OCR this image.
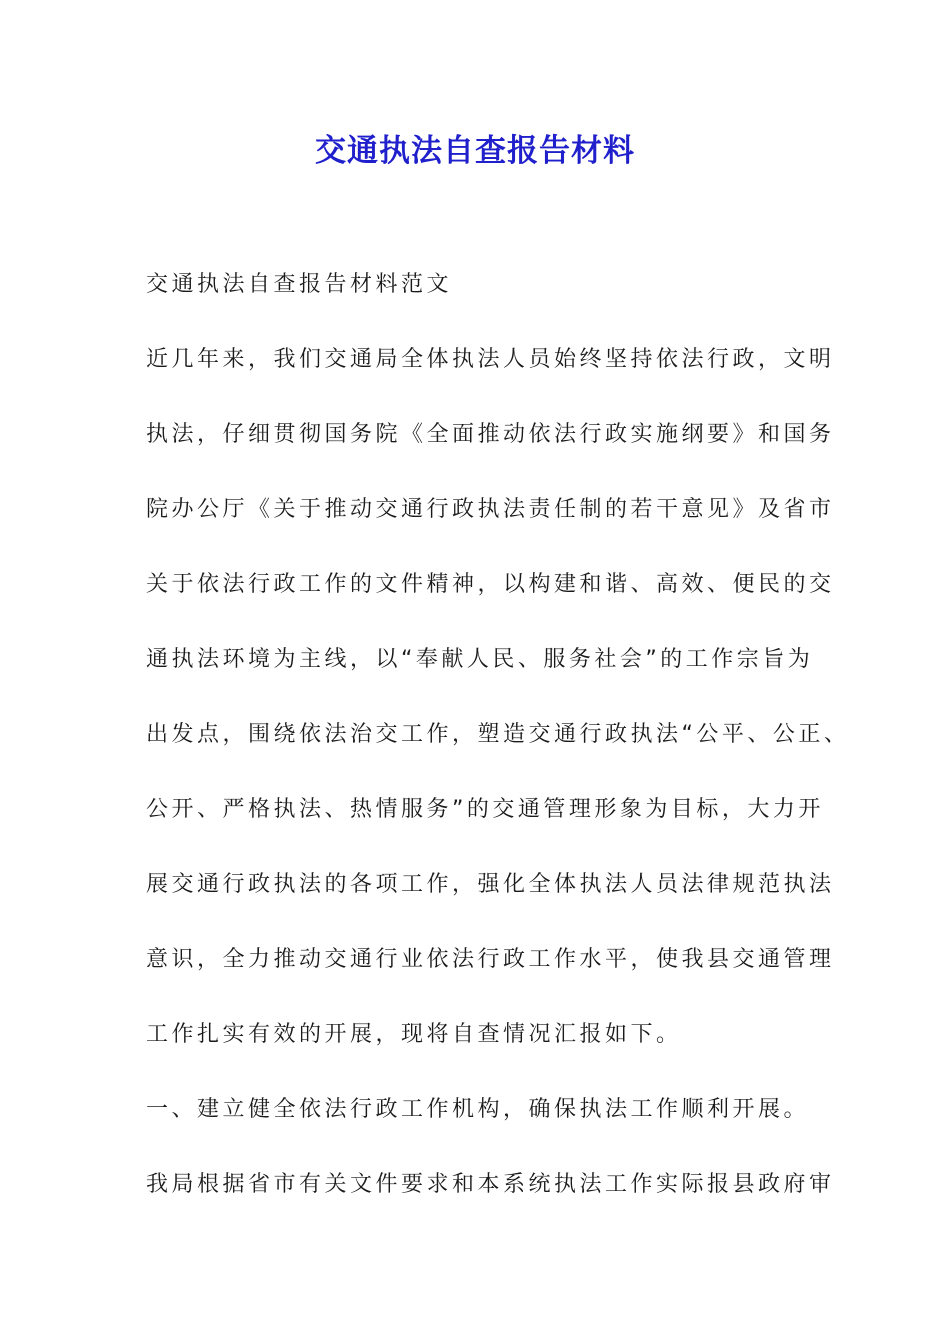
交通执法自查报告材料
交通执法自查报告材料范文
近几年来，我们交通局全体执法人员始终坚持依法行政，文明
执法，仔细贯彻国务院《全面推动依法行政实施纲要》和国务
院办公厅《关于推动交通行政执法责任制的若干意见》及省市
关于依法行政工作的文件精神，以构建和谐、高效、便民的交
通执法环境为主线，以“奉献人民、服务社会”的工作宗旨为
出发点，围绕依法治交工作，塑造交通行政执法“公平、公正、
公开、严格执法、热情服务”的交通管理形象为目标，大力开
展交通行政执法的各项工作，强化全体执法人员法律规范执法
意识，全力推动交通行业依法行政工作水平，使我县交通管理
工作扎实有效的开展，现将自查情况汇报如下。
一、建立健全依法行政工作机构，确保执法工作顺利开展。
我局根据省市有关文件要求和本系统执法工作实际报县政府审
